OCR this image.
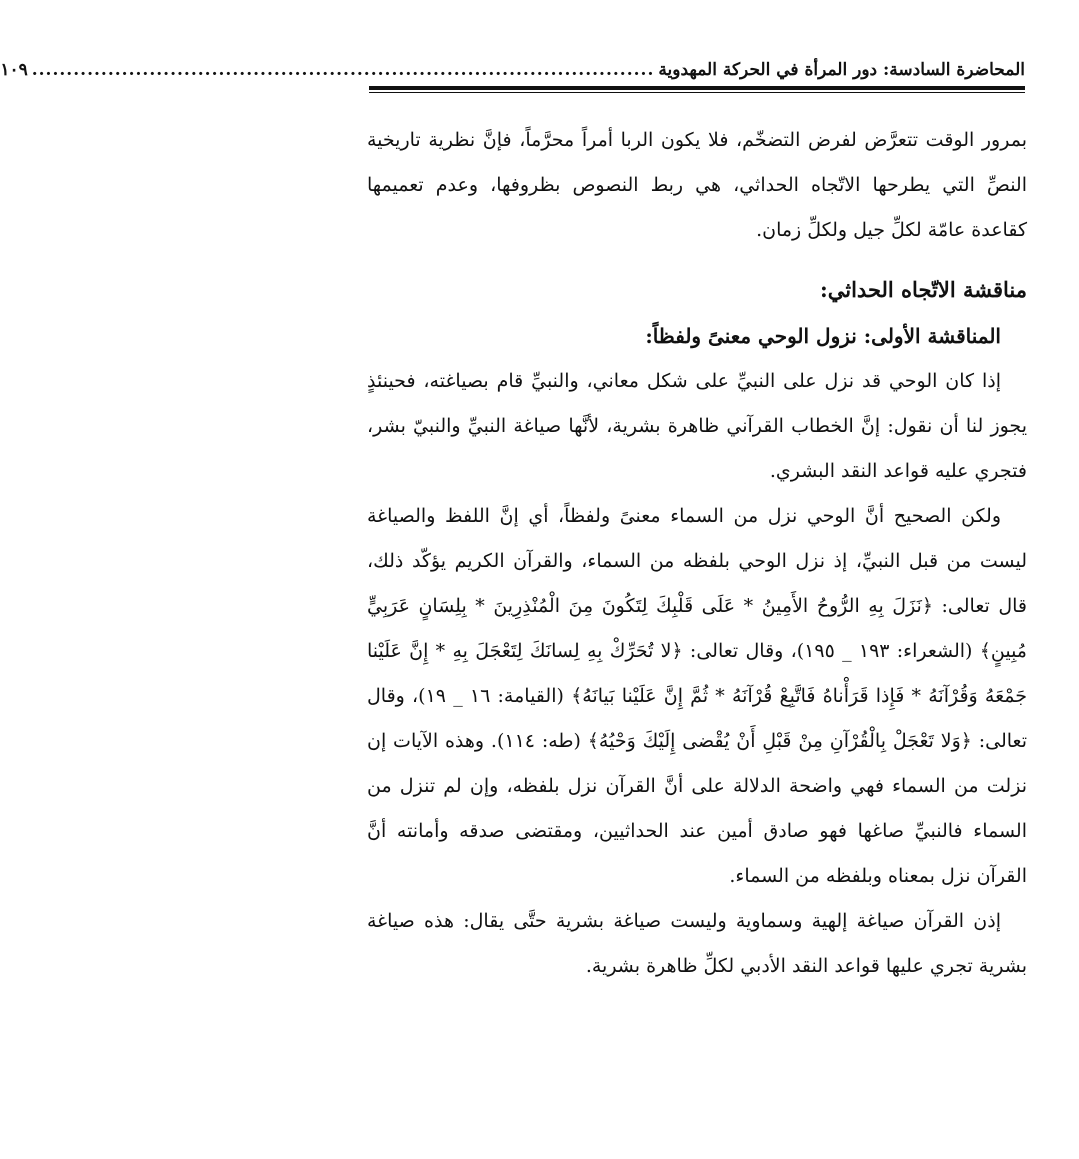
المحاضرة السادسة: دور المرأة في الحركة المهدوية
..........................................................................................
١٠٩

بمرور الوقت تتعرَّض لفرض التضخّم، فلا يكون الربا أمراً محرَّماً، فإنَّ نظرية تاريخية النصِّ التي يطرحها الاتّجاه الحداثي، هي ربط النصوص بظروفها، وعدم تعميمها كقاعدة عامّة لكلِّ جيل ولكلِّ زمان.

مناقشة الاتّجاه الحداثي:
المناقشة الأولى: نزول الوحي معنىً ولفظاً:

إذا كان الوحي قد نزل على النبيِّ على شكل معاني، والنبيِّ قام بصياغته، فحينئذٍ يجوز لنا أن نقول: إنَّ الخطاب القرآني ظاهرة بشرية، لأنَّها صياغة النبيِّ والنبيّ بشر، فتجري عليه قواعد النقد البشري.

ولكن الصحيح أنَّ الوحي نزل من السماء معنىً ولفظاً، أي إنَّ اللفظ والصياغة ليست من قبل النبيِّ، إذ نزل الوحي بلفظه من السماء، والقرآن الكريم يؤكّد ذلك، قال تعالى: ﴿نَزَلَ بِهِ الرُّوحُ الأَمِينُ * عَلَى قَلْبِكَ لِتَكُونَ مِنَ الْمُنْذِرِينَ * بِلِسَانٍ عَرَبِيٍّ مُبِينٍ﴾ (الشعراء: ١٩٣ _ ١٩٥)، وقال تعالى: ﴿لا تُحَرِّكْ بِهِ لِسانَكَ لِتَعْجَلَ بِهِ * إِنَّ عَلَيْنا جَمْعَهُ وَقُرْآنَهُ * فَإِذا قَرَأْناهُ فَاتَّبِعْ قُرْآنَهُ * ثُمَّ إِنَّ عَلَيْنا بَيانَهُ﴾ (القيامة: ١٦ _ ١٩)، وقال تعالى: ﴿وَلا تَعْجَلْ بِالْقُرْآنِ مِنْ قَبْلِ أَنْ يُقْضى إِلَيْكَ وَحْيُهُ﴾ (طه: ١١٤). وهذه الآيات إن نزلت من السماء فهي واضحة الدلالة على أنَّ القرآن نزل بلفظه، وإن لم تنزل من السماء فالنبيِّ صاغها فهو صادق أمين عند الحداثيين، ومقتضى صدقه وأمانته أنَّ القرآن نزل بمعناه وبلفظه من السماء.

إذن القرآن صياغة إلهية وسماوية وليست صياغة بشرية حتَّى يقال: هذه صياغة بشرية تجري عليها قواعد النقد الأدبي لكلِّ ظاهرة بشرية.
